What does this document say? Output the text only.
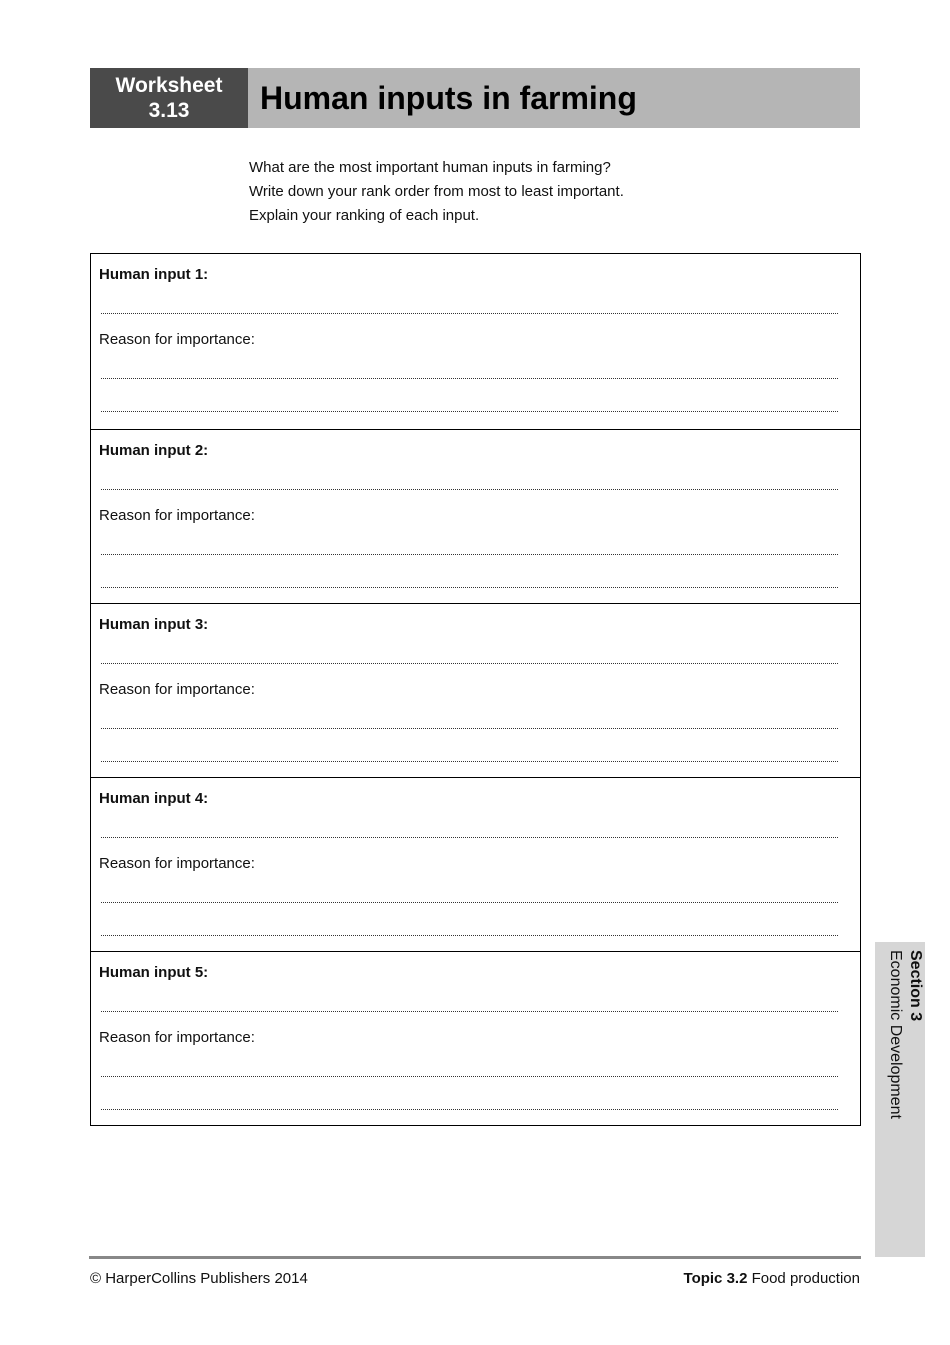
Worksheet
3.13 Human inputs in farming

What are the most important human inputs in farming?

Write down your rank order from most to least important.

Explain your ranking of each input.

Human input 1:
Reason for importance:
Human input 2:
Reason for importance:
Human input 3:
Reason for importance:
Human input 4:
Reason for importance:
Human input 5:
Reason for importance:
Section 3
Economic Development
© HarperCollins Publishers 2014	Topic 3.2 Food production
